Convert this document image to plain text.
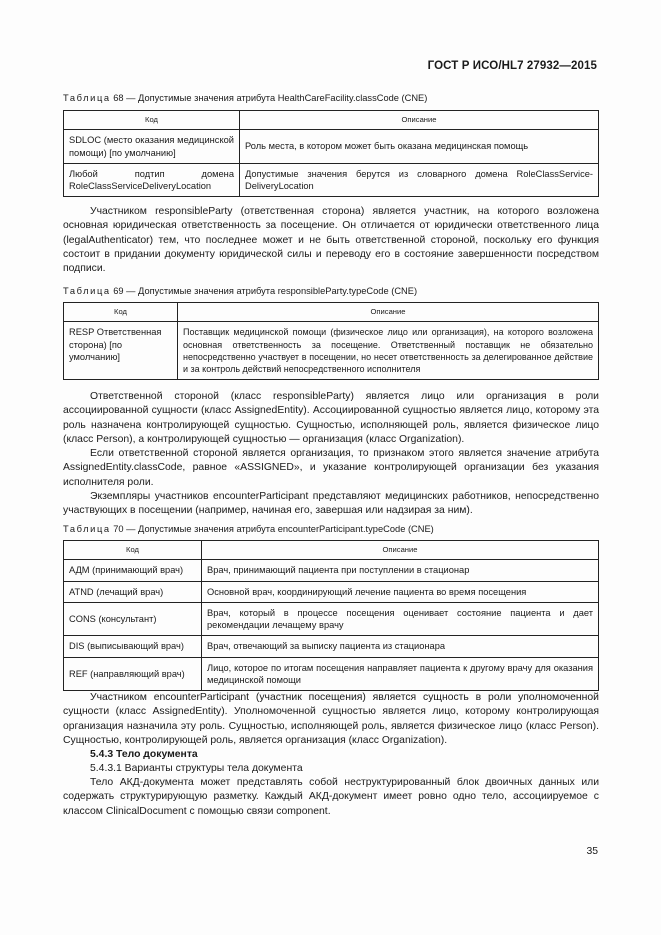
ГОСТ Р ИСО/HL7 27932—2015
Таблица 68 — Допустимые значения атрибута HealthCareFacility.classCode (CNE)
Код	Описание
SDLOC (место оказания медицинской помощи) [по умолчанию]	Роль места, в котором может быть оказана медицинская помощь
Любой подтип домена RoleClassServiceDeliveryLocation	Допустимые значения берутся из словарного домена RoleClassService-DeliveryLocation

Участником responsibleParty (ответственная сторона) является участник, на которого возложена основная юридическая ответственность за посещение. Он отличается от юридически ответственного лица (legalAuthenticator) тем, что последнее может и не быть ответственной стороной, поскольку его функция состоит в придании документу юридической силы и переводу его в состояние завершенности посредством подписи.

Таблица 69 — Допустимые значения атрибута responsibleParty.typeCode (CNE)
Код	Описание
RESP Ответственная сторона) [по умолчанию]	Поставщик медицинской помощи (физическое лицо или организация), на которого возложена основная ответственность за посещение. Ответственный поставщик не обязательно непосредственно участвует в посещении, но несет ответственность за делегированное действие и за контроль действий непосредственного исполнителя

Ответственной стороной (класс responsibleParty) является лицо или организация в роли ассоциированной сущности (класс AssignedEntity). Ассоциированной сущностью является лицо, которому эта роль назначена контролирующей сущностью. Сущностью, исполняющей роль, является физическое лицо (класс Person), а контролирующей сущностью — организация (класс Organization).

Если ответственной стороной является организация, то признаком этого является значение атрибута AssignedEntity.classCode, равное «ASSIGNED», и указание контролирующей организации без указания исполнителя роли.

Экземпляры участников encounterParticipant представляют медицинских работников, непосредственно участвующих в посещении (например, начиная его, завершая или надзирая за ним).

Таблица 70 — Допустимые значения атрибута encounterParticipant.typeCode (CNE)
Код	Описание
АДМ (принимающий врач)	Врач, принимающий пациента при поступлении в стационар
ATND (лечащий врач)	Основной врач, координирующий лечение пациента во время посещения
CONS (консультант)	Врач, который в процессе посещения оценивает состояние пациента и дает рекомендации лечащему врачу
DIS (выписывающий врач)	Врач, отвечающий за выписку пациента из стационара
REF (направляющий врач)	Лицо, которое по итогам посещения направляет пациента к другому врачу для оказания медицинской помощи

Участником encounterParticipant (участник посещения) является сущность в роли уполномоченной сущности (класс AssignedEntity). Уполномоченной сущностью является лицо, которому контролирующая организация назначила эту роль. Сущностью, исполняющей роль, является физическое лицо (класс Person). Сущностью, контролирующей роль, является организация (класс Organization).

5.4.3 Тело документа
5.4.3.1 Варианты структуры тела документа

Тело АКД-документа может представлять собой неструктурированный блок двоичных данных или содержать структурирующую разметку. Каждый АКД-документ имеет ровно одно тело, ассоциируемое с классом ClinicalDocument с помощью связи component.

35
